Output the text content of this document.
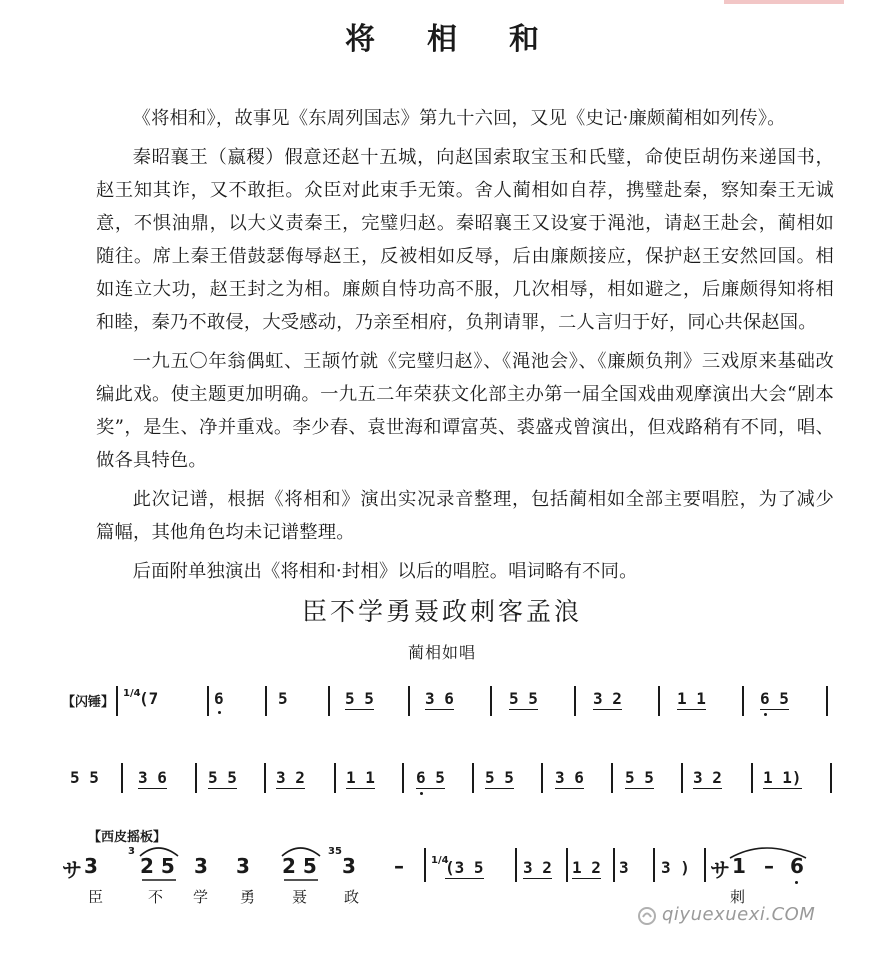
将相和

《将相和》，故事见《东周列国志》第九十六回，又见《史记·廉颇蔺相如列传》。

秦昭襄王（嬴稷）假意还赵十五城，向赵国索取宝玉和氏璧，命使臣胡伤来递国书，赵王知其诈，又不敢拒。众臣对此束手无策。舍人蔺相如自荐，携璧赴秦，察知秦王无诚意，不惧油鼎，以大义责秦王，完璧归赵。秦昭襄王又设宴于渑池，请赵王赴会，蔺相如随往。席上秦王借鼓瑟侮辱赵王，反被相如反辱，后由廉颇接应，保护赵王安然回国。相如连立大功，赵王封之为相。廉颇自恃功高不服，几次相辱，相如避之，后廉颇得知将相和睦，秦乃不敢侵，大受感动，乃亲至相府，负荆请罪，二人言归于好，同心共保赵国。

一九五〇年翁偶虹、王颉竹就《完璧归赵》、《渑池会》、《廉颇负荆》三戏原来基础改编此戏。使主题更加明确。一九五二年荣获文化部主办第一届全国戏曲观摩演出大会“剧本奖”，是生、净并重戏。李少春、袁世海和谭富英、裘盛戎曾演出，但戏路稍有不同，唱、做各具特色。

此次记谱，根据《将相和》演出实况录音整理，包括蔺相如全部主要唱腔，为了减少篇幅，其他角色均未记谱整理。

后面附单独演出《将相和·封相》以后的唱腔。唱词略有不同。

臣不学勇聂政刺客孟浪
蔺相如唱
【闪锤】
1/4
(7	6	5	5 5	3 6	5 5	3 2	1 1	6 5
5 5 3 6	5 5 3 2	1 1	6 5	5 5	3 6	5 5 3 2	1 1)
【西皮摇板】
サ 3
3
2 5 3 3 2 5
35
3 –	1/4
(3 5 3 2 1 2 3 3 ) サ 1 – 6
臣	不 学 勇 聂 政	刺
qiyuexuexi.COM
